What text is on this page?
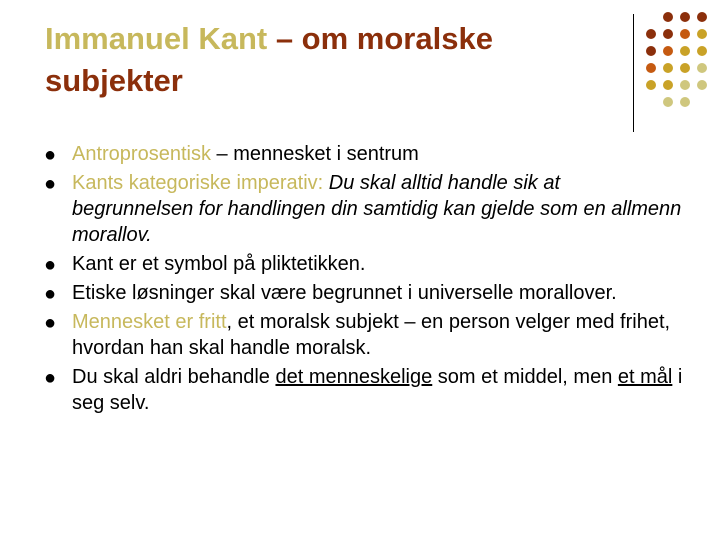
Immanuel Kant – om moralske subjekter
● Antroprosentisk – mennesket i sentrum
● Kants kategoriske imperativ: Du skal alltid handle sik at begrunnelsen for handlingen din samtidig kan gjelde som en allmenn morallov.
● Kant er et symbol på pliktetikken.
● Etiske løsninger skal være begrunnet i universelle morallover.
● Mennesket er fritt, et moralsk subjekt – en person velger med frihet, hvordan han skal handle moralsk.
● Du skal aldri behandle det menneskelige som et middel, men et mål i seg selv.
